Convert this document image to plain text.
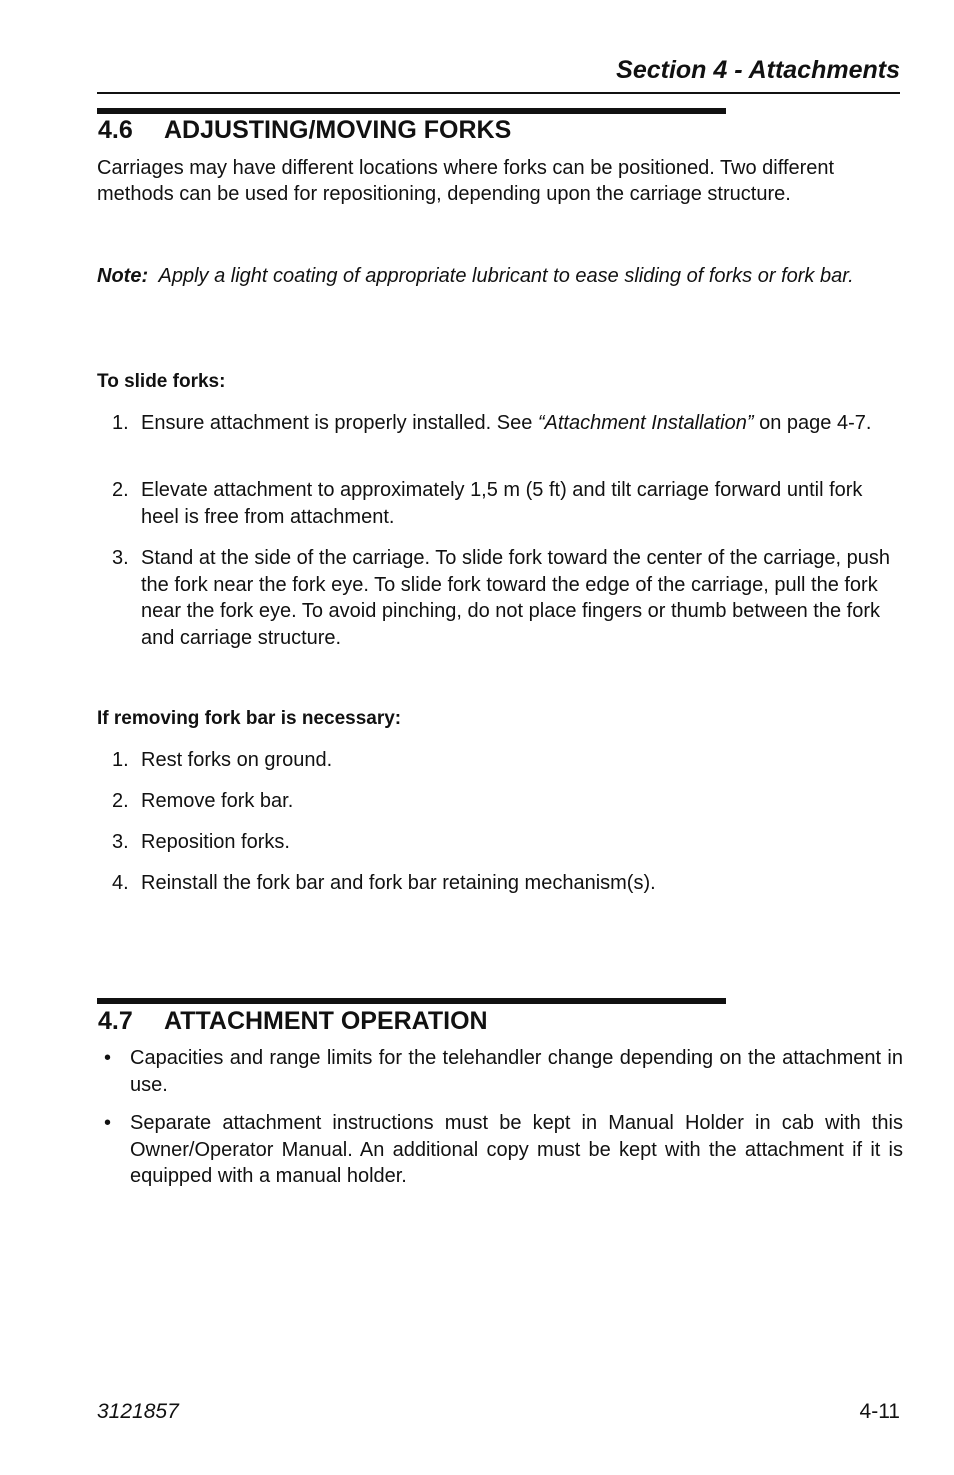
Section 4 - Attachments
4.6 ADJUSTING/MOVING FORKS

Carriages may have different locations where forks can be positioned. Two different methods can be used for repositioning, depending upon the carriage structure.

Note: Apply a light coating of appropriate lubricant to ease sliding of forks or fork bar.

To slide forks:
1. Ensure attachment is properly installed. See “Attachment Installation” on page 4-7.
2. Elevate attachment to approximately 1,5 m (5 ft) and tilt carriage forward until fork heel is free from attachment.
3. Stand at the side of the carriage. To slide fork toward the center of the carriage, push the fork near the fork eye. To slide fork toward the edge of the carriage, pull the fork near the fork eye. To avoid pinching, do not place fingers or thumb between the fork and carriage structure.
If removing fork bar is necessary:
1. Rest forks on ground.
2. Remove fork bar.
3. Reposition forks.
4. Reinstall the fork bar and fork bar retaining mechanism(s).
4.7 ATTACHMENT OPERATION
• Capacities and range limits for the telehandler change depending on the attachment in use.
• Separate attachment instructions must be kept in Manual Holder in cab with this Owner/Operator Manual. An additional copy must be kept with the attachment if it is equipped with a manual holder.
3121857	4-11
